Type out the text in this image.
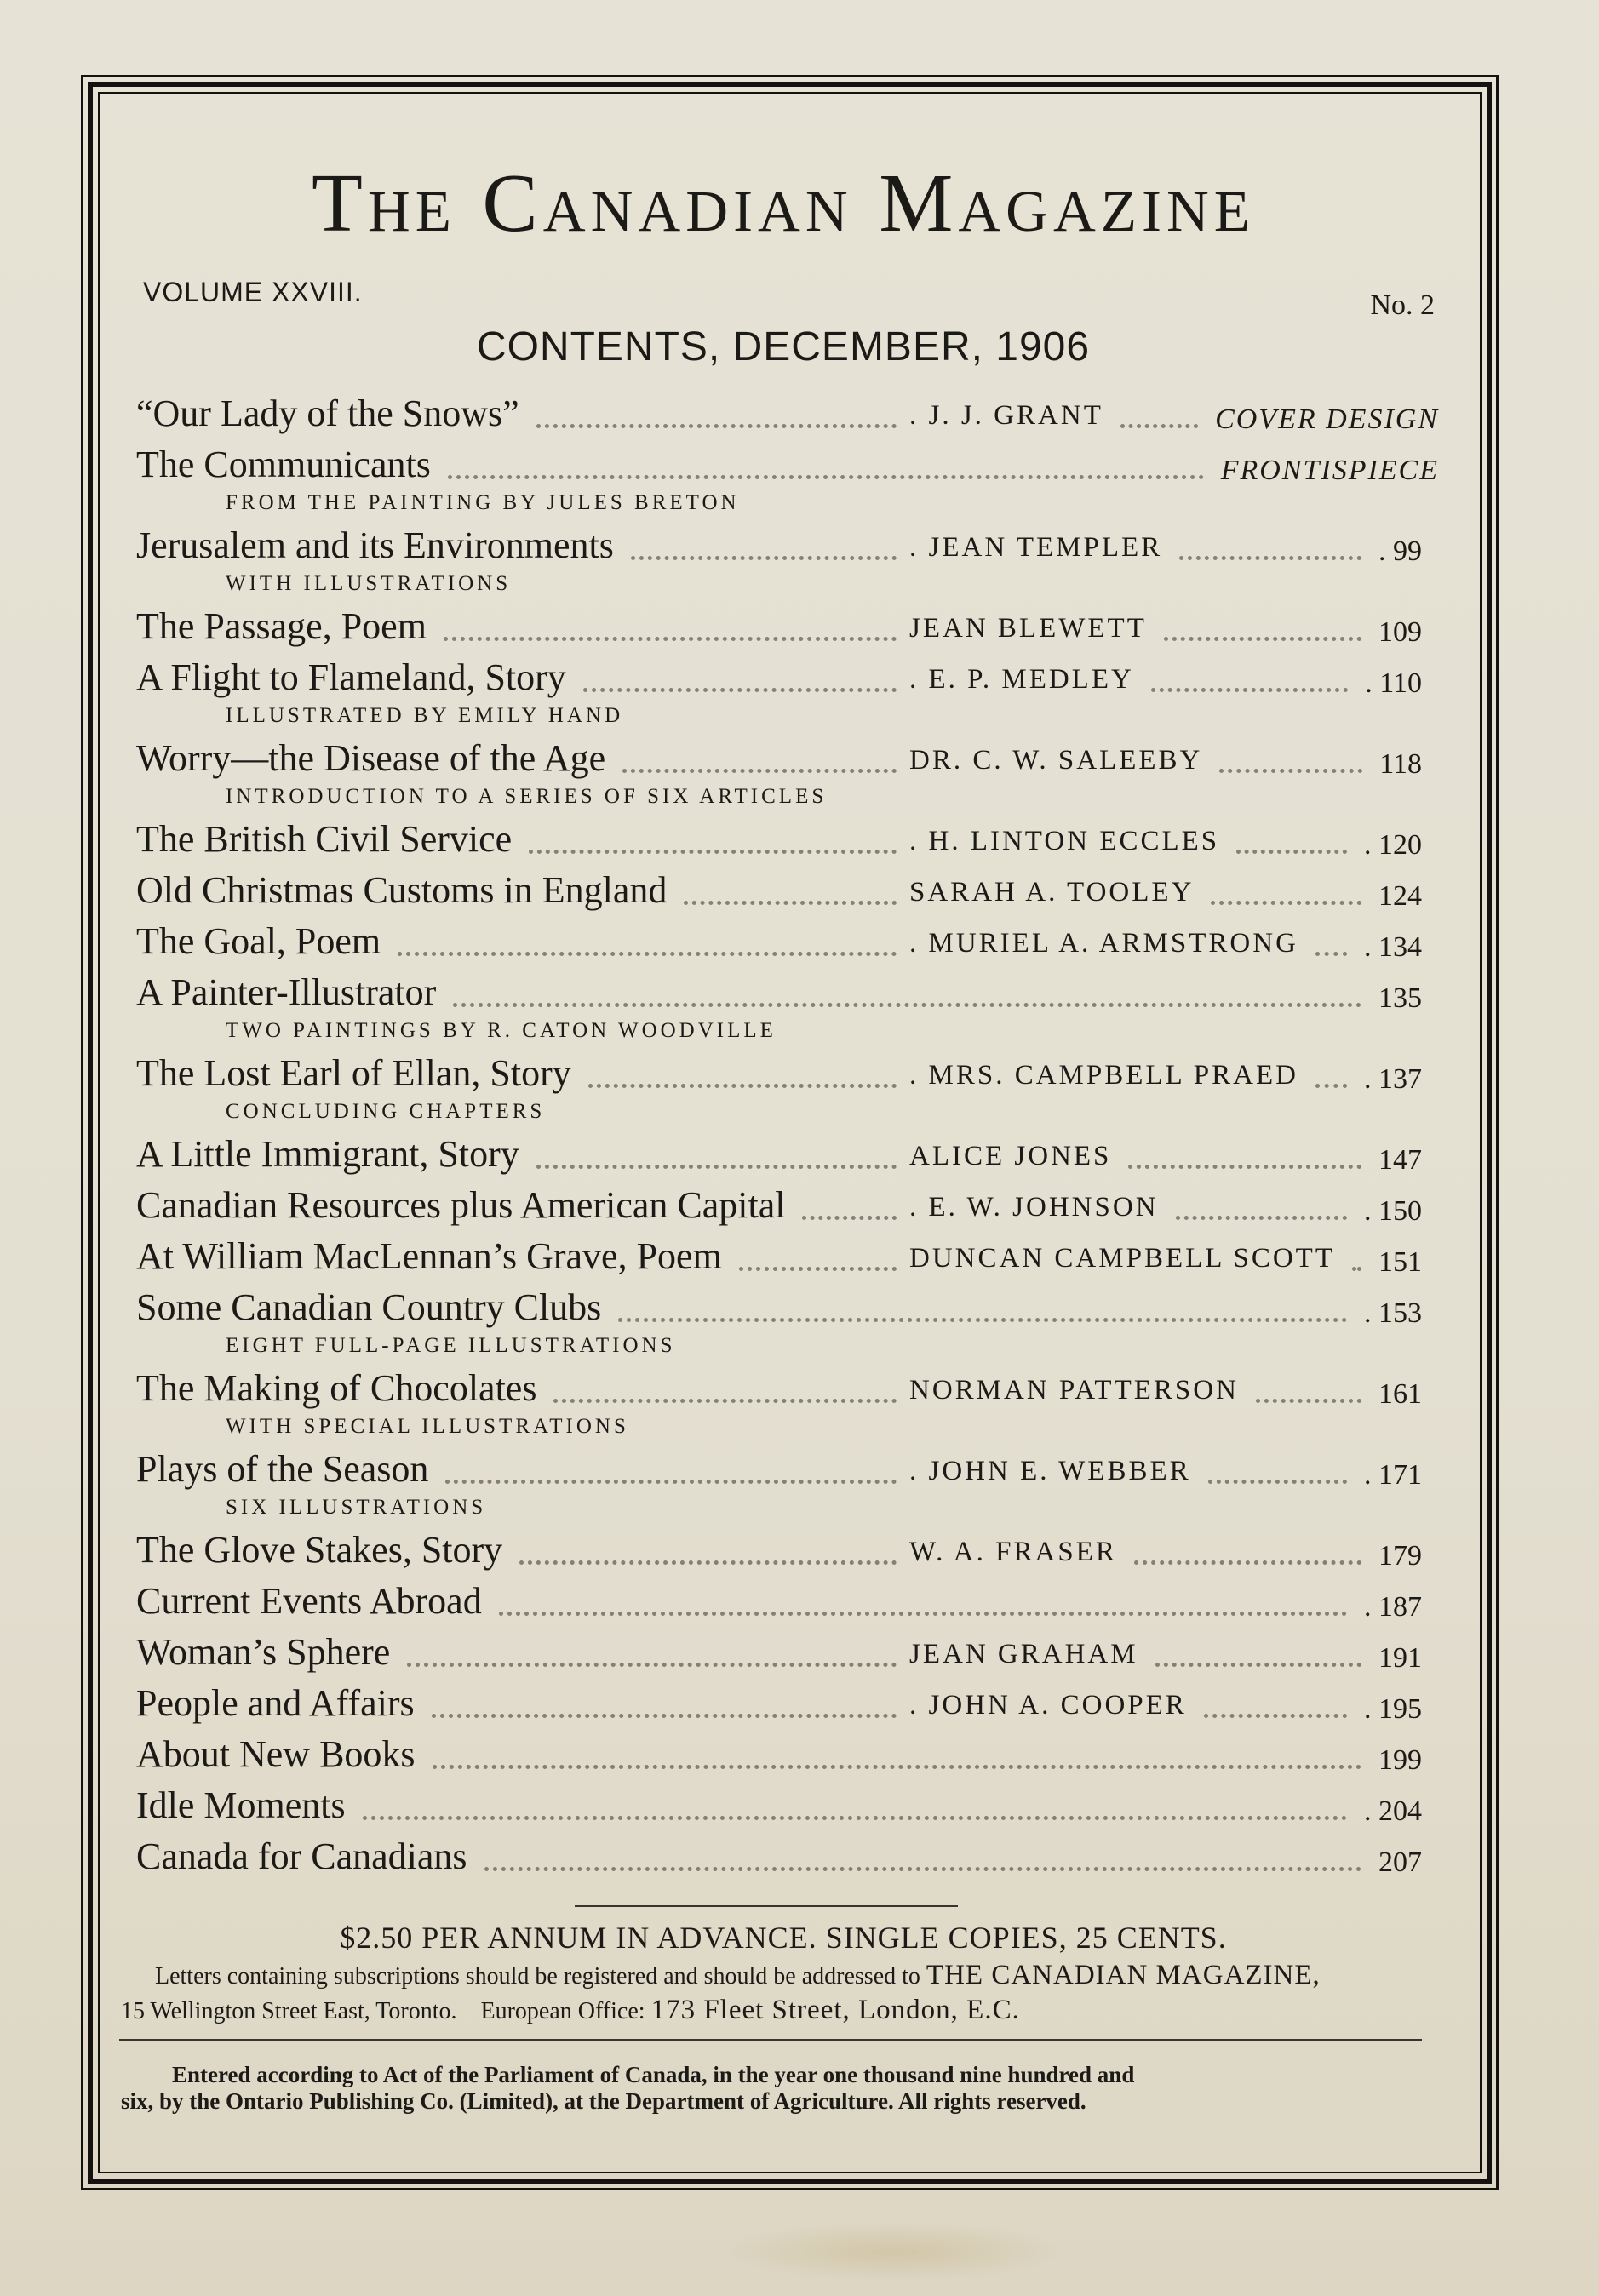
The Canadian Magazine
VOLUME XXVIII.	No. 2
CONTENTS, DECEMBER, 1906
“Our Lady of the Snows”	. J. J. GRANT	COVER DESIGN
The Communicants	FRONTISPIECE
FROM THE PAINTING BY JULES BRETON
Jerusalem and its Environments	. JEAN TEMPLER	. 99
WITH ILLUSTRATIONS
The Passage, Poem	JEAN BLEWETT	109
A Flight to Flameland, Story	. E. P. MEDLEY	. 110
ILLUSTRATED BY EMILY HAND
Worry—the Disease of the Age	DR. C. W. SALEEBY	118
INTRODUCTION TO A SERIES OF SIX ARTICLES
The British Civil Service	. H. LINTON ECCLES	. 120
Old Christmas Customs in England	SARAH A. TOOLEY	124
The Goal, Poem	. MURIEL A. ARMSTRONG . 134
A Painter-Illustrator	135
TWO PAINTINGS BY R. CATON WOODVILLE
The Lost Earl of Ellan, Story	. MRS. CAMPBELL PRAED . 137
CONCLUDING CHAPTERS
A Little Immigrant, Story	ALICE JONES	147
Canadian Resources plus American Capital	. E. W. JOHNSON	. 150
At William MacLennan’s Grave, Poem	DUNCAN CAMPBELL SCOTT 151
Some Canadian Country Clubs	. 153
EIGHT FULL-PAGE ILLUSTRATIONS
The Making of Chocolates	NORMAN PATTERSON	161
WITH SPECIAL ILLUSTRATIONS
Plays of the Season	. JOHN E. WEBBER	. 171
SIX ILLUSTRATIONS
The Glove Stakes, Story	W. A. FRASER	179
Current Events Abroad	. 187
Woman’s Sphere	JEAN GRAHAM	191
People and Affairs	. JOHN A. COOPER	. 195
About New Books	199
Idle Moments	. 204
Canada for Canadians	207
$2.50 PER ANNUM IN ADVANCE. SINGLE COPIES, 25 CENTS.
Letters containing subscriptions should be registered and should be addressed to THE CANADIAN MAGAZINE,
15 Wellington Street East, Toronto. European Office: 173 Fleet Street, London, E.C.
Entered according to Act of the Parliament of Canada, in the year one thousand nine hundred and
six, by the Ontario Publishing Co. (Limited), at the Department of Agriculture. All rights reserved.
